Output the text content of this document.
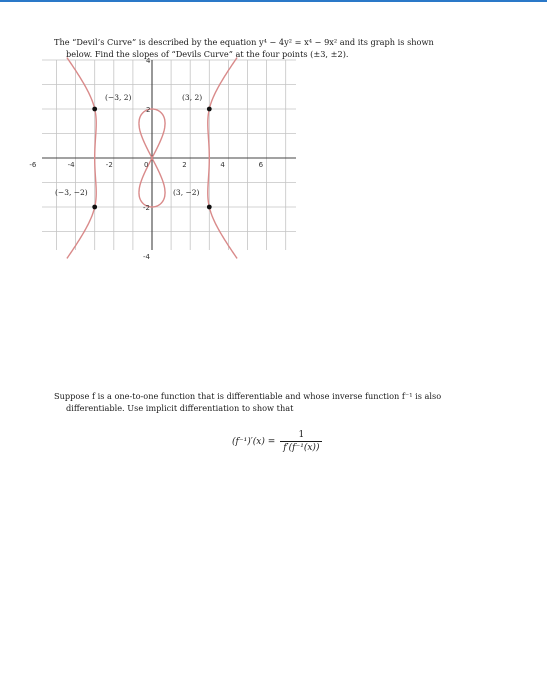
The “Devil’s Curve” is described by the equation y⁴ − 4y² = x⁴ − 9x² and its graph is shown
below. Find the slopes of “Devils Curve” at the four points (±3, ±2).
-6	-4	-2	0	2	4	6
4
2
-2
-4
(−3, 2)	(3, 2)
(−3, −2)	(3, −2)
Suppose f is a one-to-one function that is differentiable and whose inverse function f⁻¹ is also
differentiable. Use implicit differentiation to show that
$(f^{-1})'(x) = \frac{1}{\text{f′(f⁻¹(x))}}$
